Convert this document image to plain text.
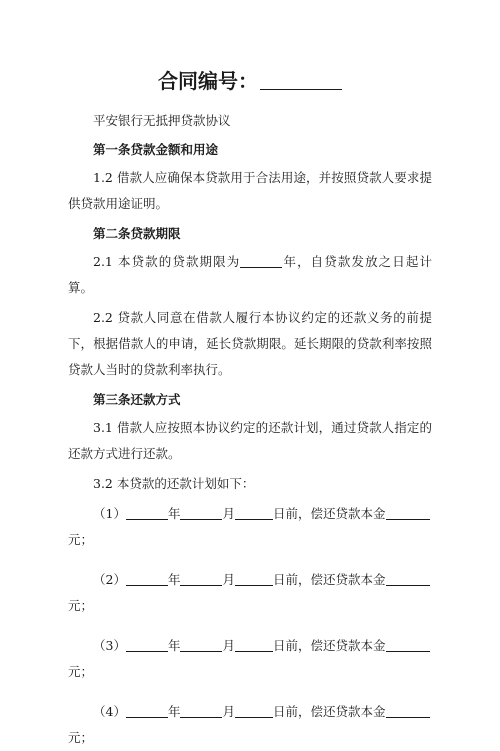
合同编号：

平安银行无抵押贷款协议

第一条贷款金额和用途

1.2 借款人应确保本贷款用于合法用途，并按照贷款人要求提供贷款用途证明。

第二条贷款期限

2.1 本贷款的贷款期限为	年，自贷款发放之日起计算。

2.2 贷款人同意在借款人履行本协议约定的还款义务的前提下，根据借款人的申请，延长贷款期限。延长期限的贷款利率按照贷款人当时的贷款利率执行。

第三条还款方式

3.1 借款人应按照本协议约定的还款计划，通过贷款人指定的还款方式进行还款。

3.2 本贷款的还款计划如下：

（1）	年	月	日前，偿还贷款本金

元；

（2）	年	月	日前，偿还贷款本金

元；

（3）	年	月	日前，偿还贷款本金

元；

（4）	年	月	日前，偿还贷款本金

元；
